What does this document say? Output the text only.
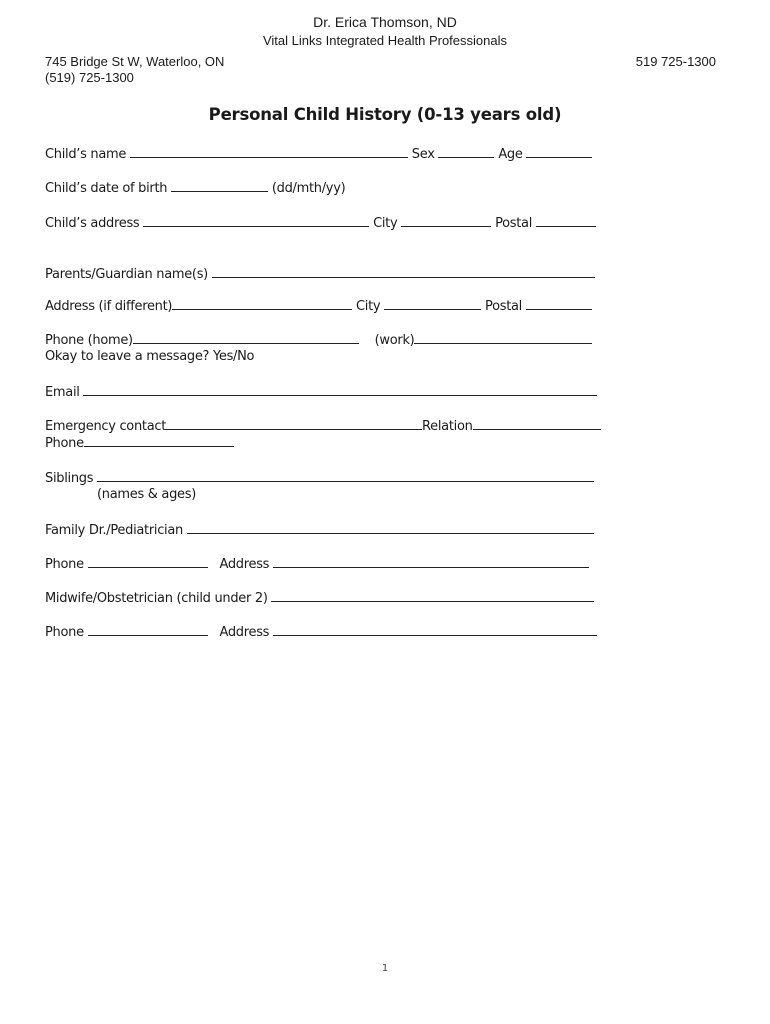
Dr. Erica Thomson, ND
Vital Links Integrated Health Professionals
745 Bridge St W, Waterloo, ON
(519) 725-1300
519 725-1300
Personal Child History (0-13 years old)
Child’s name	Sex	Age
Child’s date of birth	(dd/mth/yy)
Child’s address	City	Postal
Parents/Guardian name(s)
Address (if different)	City	Postal
Phone (home)	(work)
Okay to leave a message? Yes/No
Email
Emergency contact	Relation
Phone
Siblings
(names & ages)
Family Dr./Pediatrician
Phone	Address
Midwife/Obstetrician (child under 2)
Phone	Address
1
